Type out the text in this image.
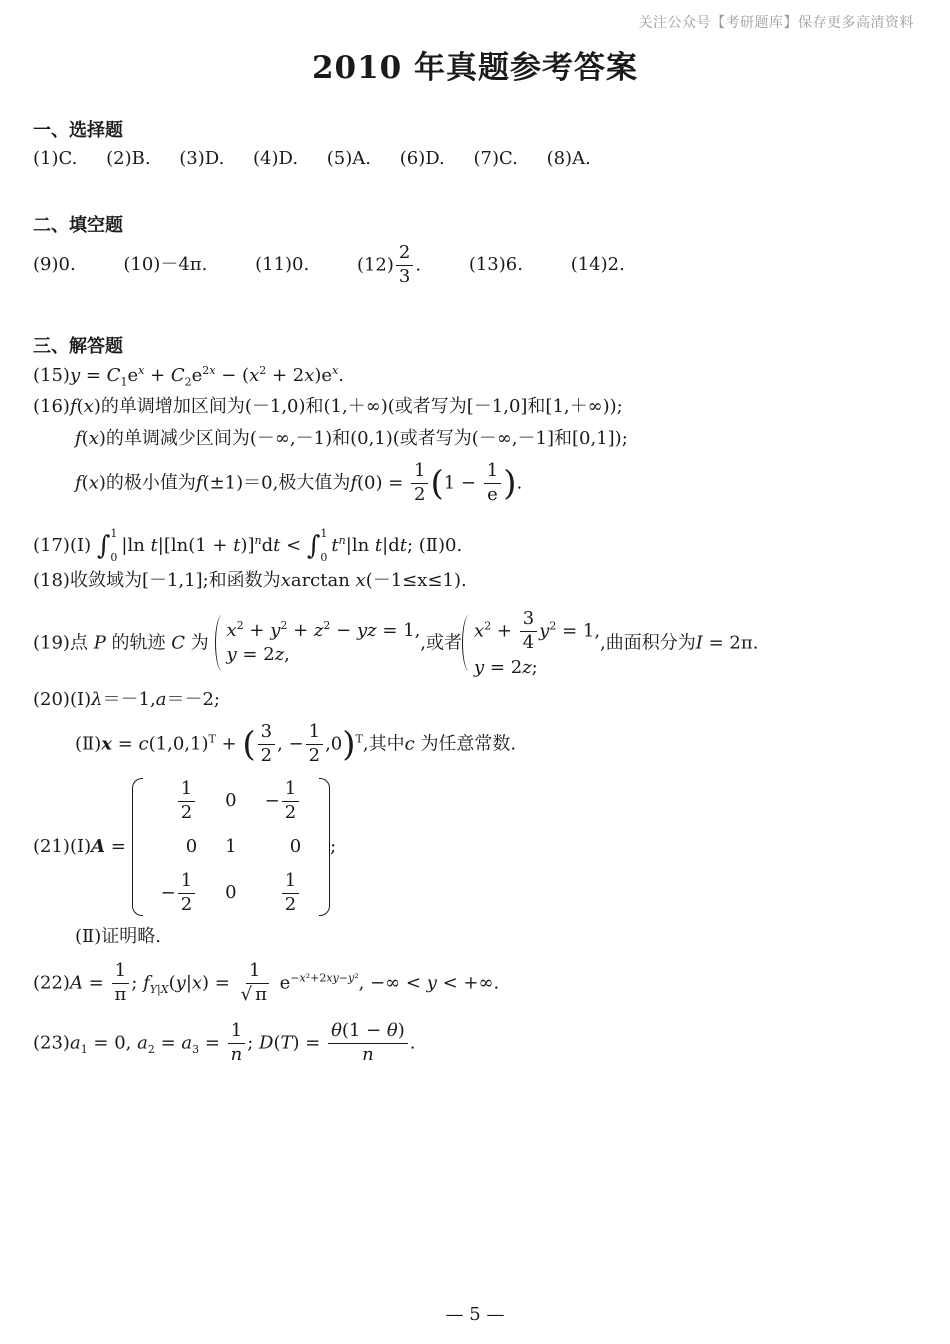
关注公众号【考研题库】保存更多高清资料
2010 年真题参考答案
一、选择题
(1)C. (2)B. (3)D. (4)D. (5)A. (6)D. (7)C. (8)A.
二、填空题
(9)0.	(10)－4π.	(11)0.	$(12) \frac{2}{3}$ .	(13)6.	(14)2.
三、解答题
$(15)y = C_1e^x + C_2e^{2x} - (x^2 + 2x)e^x$.
(16)f(x)的单调增加区间为(－1,0)和(1,＋∞)(或者写为[－1,0]和[1,＋∞));
f(x)的单调减少区间为(－∞,－1)和(0,1)(或者写为(－∞,－1]和[0,1]);
f(x)的极小值为f(±1)＝0,极大值为$f(0) = \frac{1}{2} (1 - \frac{1}{e}$ ).
(17)(Ⅰ) ∫ 1
0
|ln $t|[\ln(1 + t)]^ndt$ < ∫ 1
0
$t^n|\ln$ t|dt; (Ⅱ)0.
(18)收敛域为[－1,1];和函数为xarctan x(－1≤x≤1).
(19)点 P 的轨迹 C 为
$x^2 + y^2 + z^2$ − yz = 1,
y = 2z,
,或者
$x^2 + \frac{3}{4} y^2 = 1$,
y = 2z;
,曲面积分为I = 2π.
(20)(Ⅰ)λ＝－1,a＝－2;
(Ⅱ)x = $c(1,0,1)^T$ + ( $\frac{3}{2}$ , − $\frac{1}{2} ,0)^T$,其中c 为任意常数.
(21)(Ⅰ)A =
$\frac{1}{2}$	0	− $\frac{1}{2}$

0	1	0
− $\frac{1}{2}$	0	$\frac{1}{2}$
;
(Ⅱ)证明略.
$(22)A = \frac{1}{\pi}$ ; $f_{Y|X}(y|x) = \frac{1}{√ \pi} e^{-x^2+2xy-y^2}$, −∞ < y < +∞.
$(23)a_1 = 0$, $a_2 = a_3 = \frac{1}{n}$ ; $D(T) = \frac{\theta(1 - \theta)}{n}$ .
— 5 —
